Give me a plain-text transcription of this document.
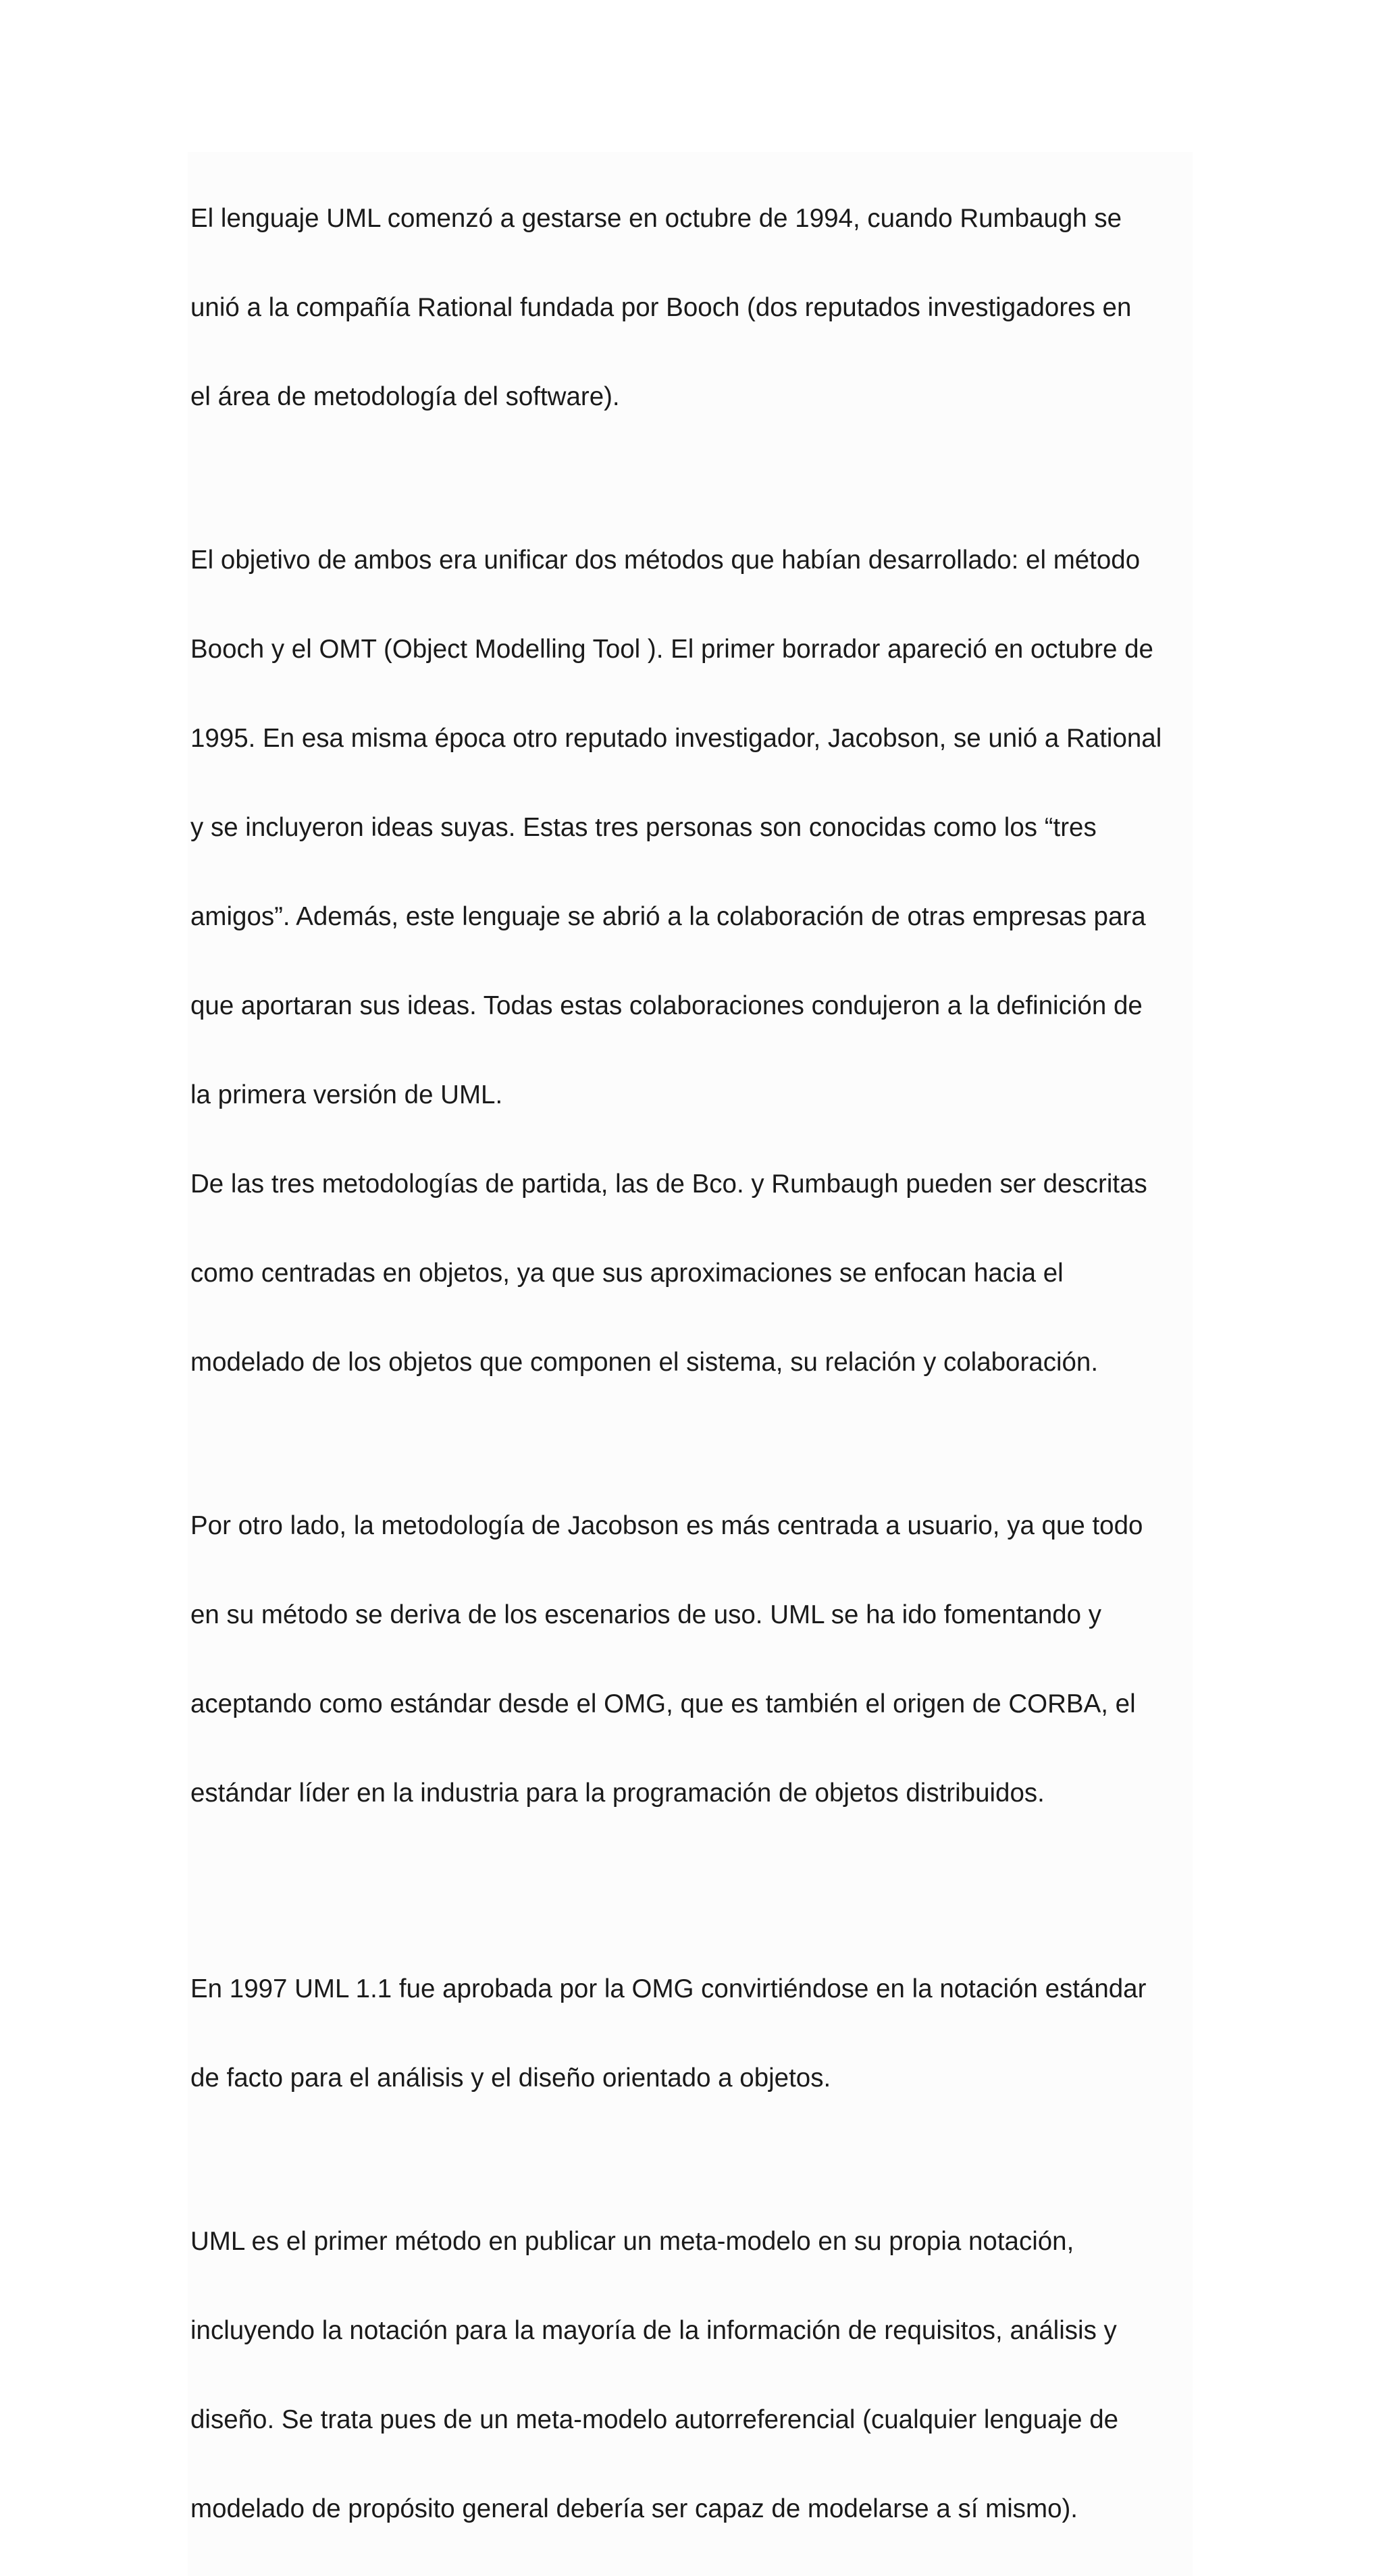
El lenguaje UML comenzó a gestarse en octubre de 1994, cuando Rumbaugh se

unió a la compañía Rational fundada por Booch (dos reputados investigadores en

el área de metodología del software).

El objetivo de ambos era unificar dos métodos que habían desarrollado: el método

Booch y el OMT (Object Modelling Tool ). El primer borrador apareció en octubre de

1995. En esa misma época otro reputado investigador, Jacobson, se unió a Rational

y se incluyeron ideas suyas. Estas tres personas son conocidas como los “tres

amigos”. Además, este lenguaje se abrió a la colaboración de otras empresas para

que aportaran sus ideas. Todas estas colaboraciones condujeron a la definición de

la primera versión de UML.

De las tres metodologías de partida, las de Bco. y Rumbaugh pueden ser descritas

como centradas en objetos, ya que sus aproximaciones se enfocan hacia el

modelado de los objetos que componen el sistema, su relación y colaboración.

Por otro lado, la metodología de Jacobson es más centrada a usuario, ya que todo

en su método se deriva de los escenarios de uso. UML se ha ido fomentando y

aceptando como estándar desde el OMG, que es también el origen de CORBA, el

estándar líder en la industria para la programación de objetos distribuidos.

En 1997 UML 1.1 fue aprobada por la OMG convirtiéndose en la notación estándar

de facto para el análisis y el diseño orientado a objetos.

UML es el primer método en publicar un meta-modelo en su propia notación,

incluyendo la notación para la mayoría de la información de requisitos, análisis y

diseño. Se trata pues de un meta-modelo autorreferencial (cualquier lenguaje de

modelado de propósito general debería ser capaz de modelarse a sí mismo).
